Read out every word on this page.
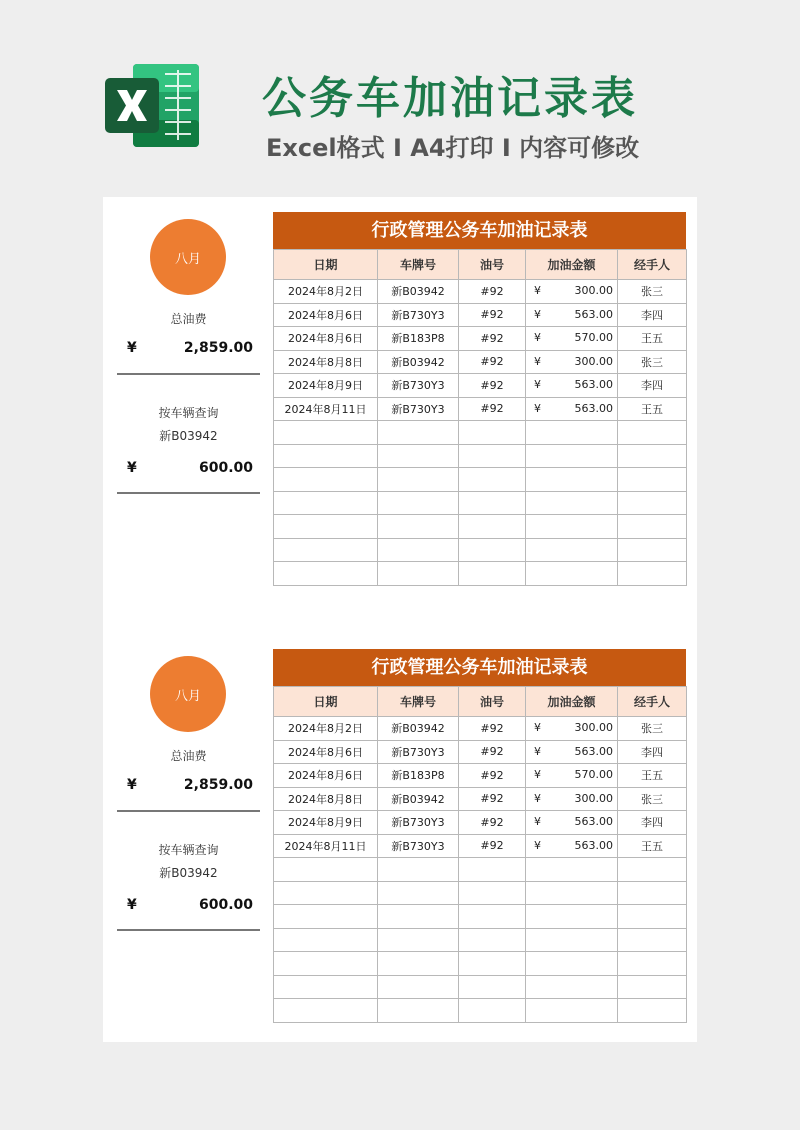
公务车加油记录表
Excel格式 I A4打印 I 内容可修改
八月
总油费
¥	2,859.00
按车辆查询
新B03942
¥	600.00
行政管理公务车加油记录表
日期	车牌号	油号	加油金额	经手人
2024年8月2日	新B03942	#92	¥ 300.00	张三
2024年8月6日	新B730Y3	#92	¥ 563.00	李四
2024年8月6日	新B183P8	#92	¥ 570.00	王五
2024年8月8日	新B03942	#92	¥ 300.00	张三
2024年8月9日	新B730Y3	#92	¥ 563.00	李四
2024年8月11日	新B730Y3	#92	¥ 563.00	王五

八月
总油费
¥	2,859.00
按车辆查询
新B03942
¥	600.00
行政管理公务车加油记录表
日期	车牌号	油号	加油金额	经手人
2024年8月2日	新B03942	#92	¥ 300.00	张三
2024年8月6日	新B730Y3	#92	¥ 563.00	李四
2024年8月6日	新B183P8	#92	¥ 570.00	王五
2024年8月8日	新B03942	#92	¥ 300.00	张三
2024年8月9日	新B730Y3	#92	¥ 563.00	李四
2024年8月11日	新B730Y3	#92	¥ 563.00	王五
